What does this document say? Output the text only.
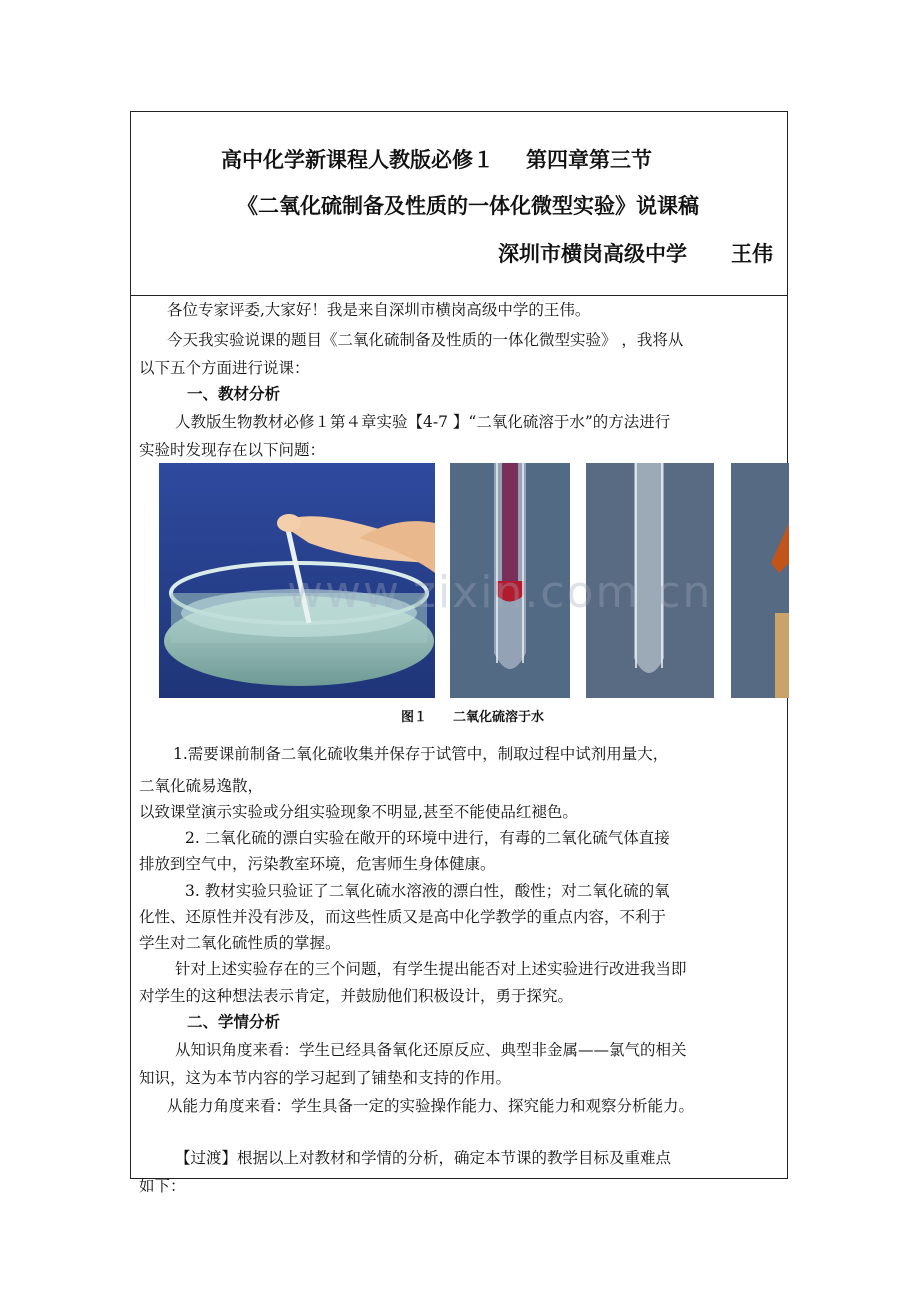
高中化学新课程人教版必修１ 第四章第三节
《二氧化硫制备及性质的一体化微型实验》说课稿
深圳市横岗高级中学 王伟
各位专家评委,大家好！我是来自深圳市横岗高级中学的王伟。
今天我实验说课的题目《二氧化硫制备及性质的一体化微型实验》 ，我将从
以下五个方面进行说课：
一、教材分析
人教版生物教材必修１第４章实验【4-7 】“二氧化硫溶于水”的方法进行
实验时发现存在以下问题：
www.zixin.com.cn
图１ 二氧化硫溶于水
1.需要课前制备二氧化硫收集并保存于试管中，制取过程中试剂用量大，
二氧化硫易逸散，
以致课堂演示实验或分组实验现象不明显,甚至不能使品红褪色。
2. 二氧化硫的漂白实验在敞开的环境中进行，有毒的二氧化硫气体直接
排放到空气中，污染教室环境，危害师生身体健康。
3. 教材实验只验证了二氧化硫水溶液的漂白性，酸性；对二氧化硫的氧
化性、还原性并没有涉及，而这些性质又是高中化学教学的重点内容，不利于
学生对二氧化硫性质的掌握。
针对上述实验存在的三个问题，有学生提出能否对上述实验进行改进我当即
对学生的这种想法表示肯定，并鼓励他们积极设计，勇于探究。
二、学情分析
从知识角度来看：学生已经具备氧化还原反应、典型非金属——氯气的相关
知识，这为本节内容的学习起到了铺垫和支持的作用。
从能力角度来看：学生具备一定的实验操作能力、探究能力和观察分析能力。
【过渡】根据以上对教材和学情的分析，确定本节课的教学目标及重难点
如下：
